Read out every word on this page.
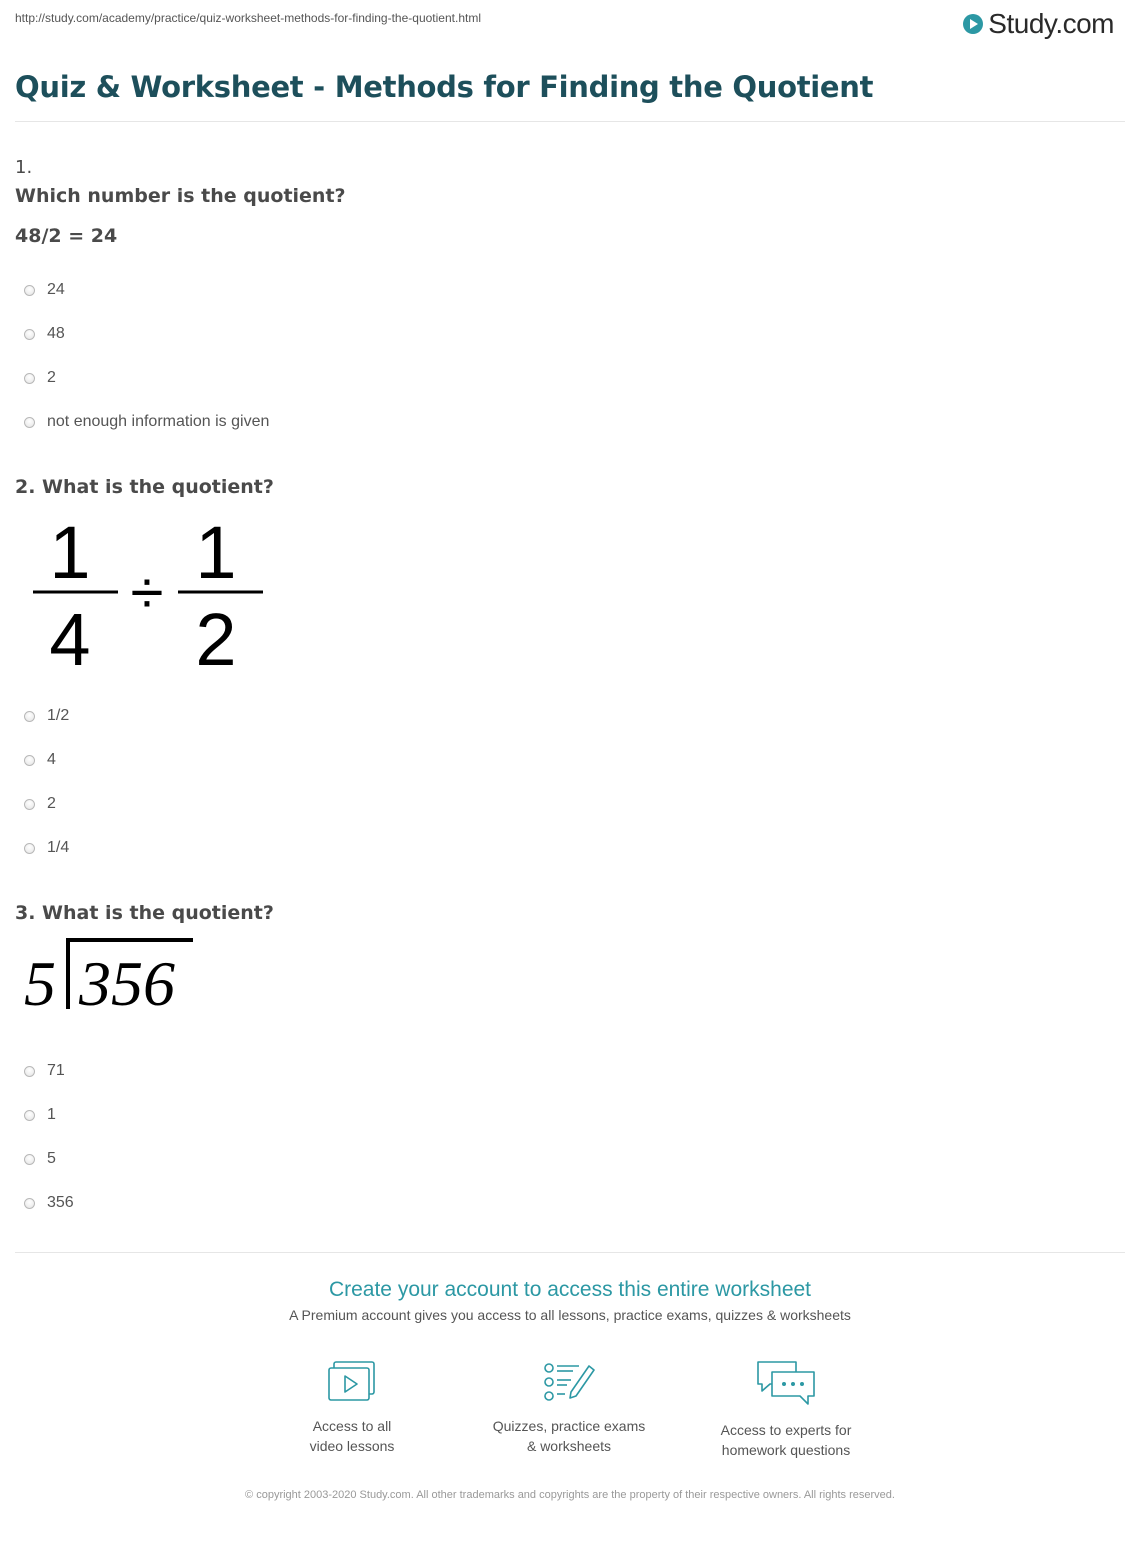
http://study.com/academy/practice/quiz-worksheet-methods-for-finding-the-quotient.html	Study.com
Quiz & Worksheet - Methods for Finding the Quotient
1.
Which number is the quotient?
48/2 = 24
24
48
2
not enough information is given
2. What is the quotient?
1
4
÷ 1
2
1/2
4
2
1/4
3. What is the quotient?
5 356
71
1
5
356
Create your account to access this entire worksheet
A Premium account gives you access to all lessons, practice exams, quizzes & worksheets
Access to all
video lessons
Quizzes, practice exams
& worksheets
Access to experts for
homework questions
© copyright 2003-2020 Study.com. All other trademarks and copyrights are the property of their respective owners. All rights reserved.
